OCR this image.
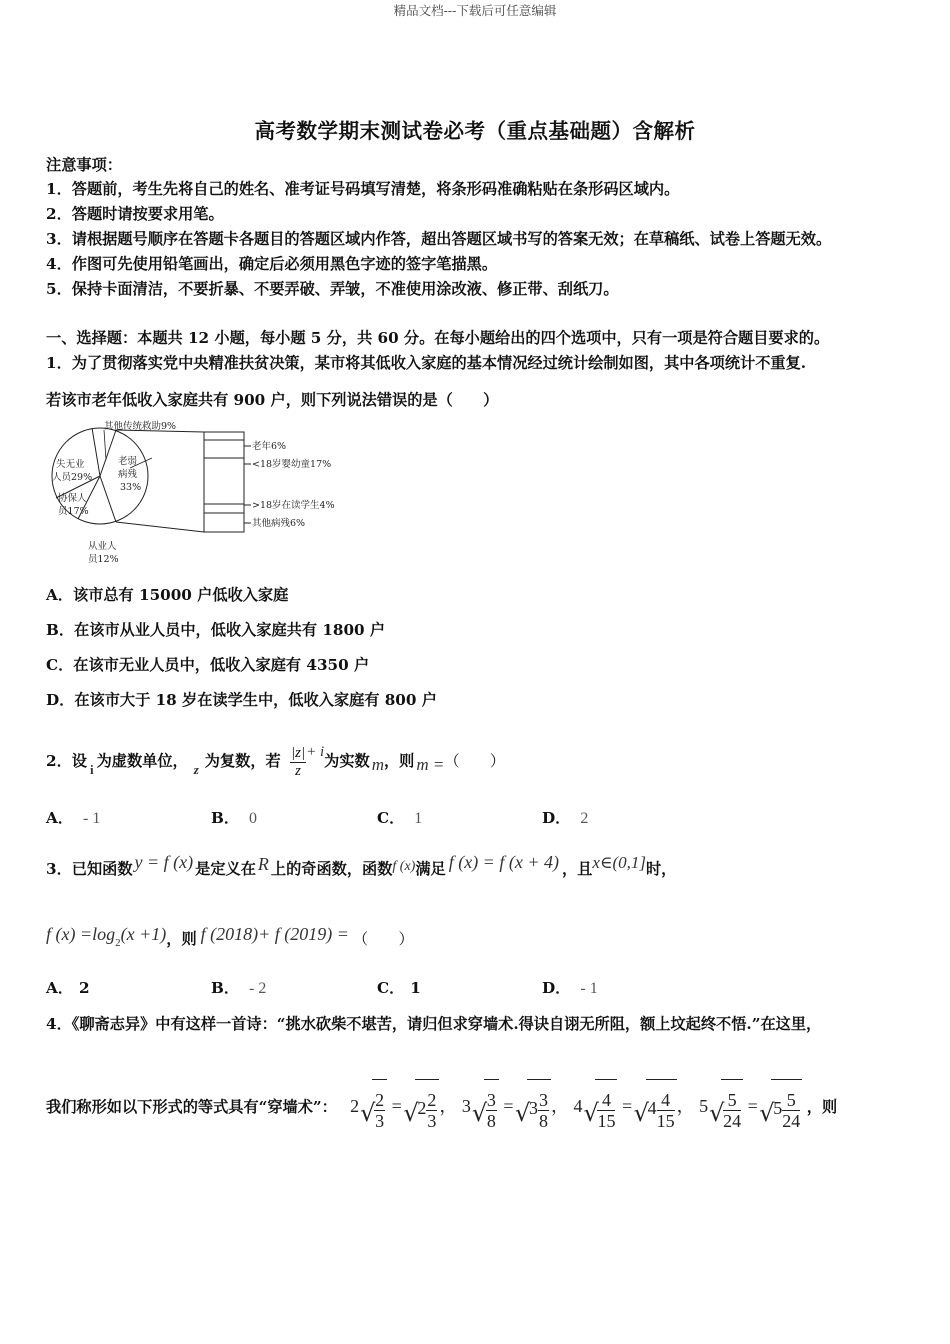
精品文档---下载后可任意编辑
高考数学期末测试卷必考（重点基础题）含解析
注意事项：
1．答题前，考生先将自己的姓名、准考证号码填写清楚，将条形码准确粘贴在条形码区域内。
2．答题时请按要求用笔。
3．请根据题号顺序在答题卡各题目的答题区域内作答，超出答题区域书写的答案无效；在草稿纸、试卷上答题无效。
4．作图可先使用铅笔画出，确定后必须用黑色字迹的签字笔描黑。
5．保持卡面清洁，不要折暴、不要弄破、弄皱，不准使用涂改液、修正带、刮纸刀。
一、选择题：本题共 12 小题，每小题 5 分，共 60 分。在每小题给出的四个选项中，只有一项是符合题目要求的。
1．为了贯彻落实党中央精准扶贫决策，某市将其低收入家庭的基本情况经过统计绘制如图，其中各项统计不重复.
若该市老年低收入家庭共有 900 户，则下列说法错误的是（　　）
其他传统救助9%
老弱
病残
33%
失无业
人员29%
协保人
员17%
从业人
员12%
老年6%
<18岁婴幼童17%
>18岁在读学生4%
其他病残6%
A．该市总有 15000 户低收入家庭
B．在该市从业人员中，低收入家庭共有 1800 户
C．在该市无业人员中，低收入家庭有 4350 户
D．在该市大于 18 岁在读学生中，低收入家庭有 800 户
2．设 i 为虚数单位， z 为复数，若 $\frac{|z|}{z} + i$为实数 m，则 m =（　　）
A． - 1	B． 0	C． 1	D． 2
3．已知函数 y = f (x) 是定义在 R 上的奇函数，函数f (x)满足 f (x) = f (x + 4) ，且x∈(0,1]时，
f (x) =log2(x +1)，则 f (2018)+ f (2019) = （　　）
A． 2	B． - 2	C． 1	D． - 1
4．《聊斋志异》中有这样一首诗：“挑水砍柴不堪苦，请归但求穿墙术.得诀自诩无所阻，额上坟起终不悟.”在这里，
我们称形如以下形式的等式具有“穿墙术”： 2 √ $\frac{2}{3}$ = √ $2 \frac{2}{3}$ ， 3 √ $\frac{3}{8}$ = √ $3 \frac{3}{8}$ ， 4 √ $\frac{4}{15}$ = √ $4 \frac{4}{15}$ ， 5 √ $\frac{5}{24}$ = √ $5 \frac{5}{24}$ ，则
